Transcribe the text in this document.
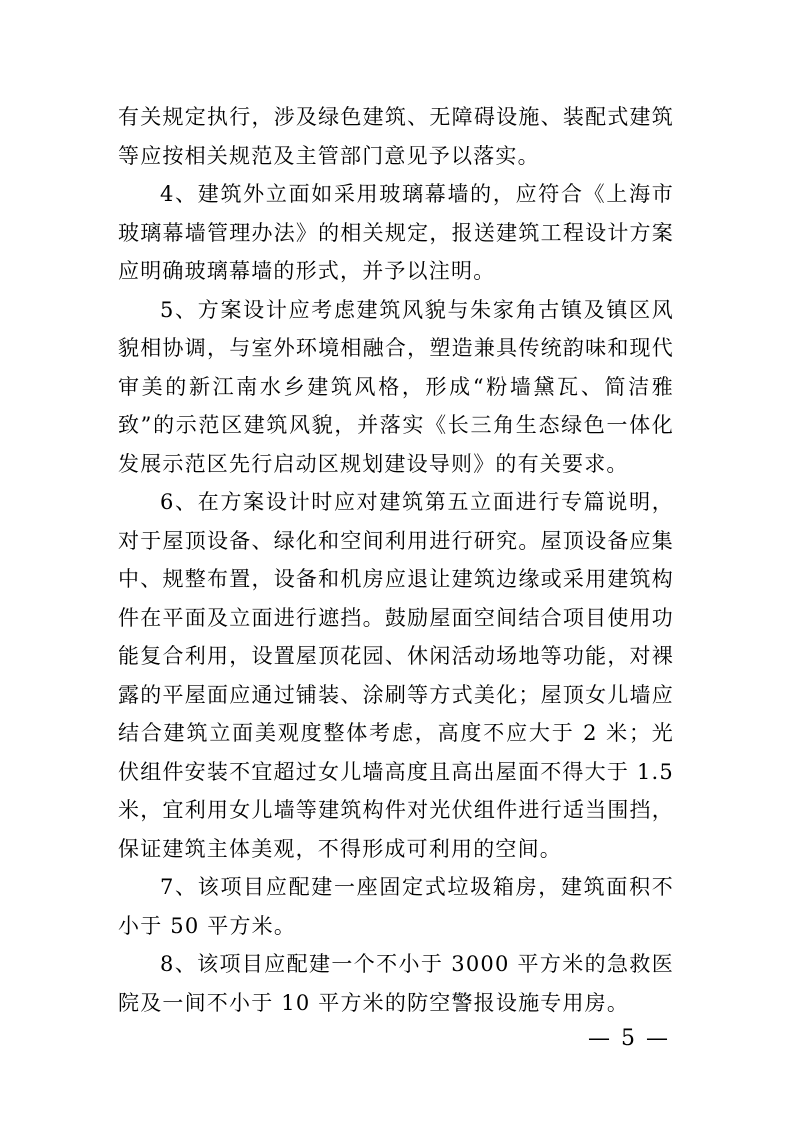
有关规定执行，涉及绿色建筑、无障碍设施、装配式建筑等应按相关规范及主管部门意见予以落实。

4、建筑外立面如采用玻璃幕墙的，应符合《上海市玻璃幕墙管理办法》的相关规定，报送建筑工程设计方案应明确玻璃幕墙的形式，并予以注明。

5、方案设计应考虑建筑风貌与朱家角古镇及镇区风貌相协调，与室外环境相融合，塑造兼具传统韵味和现代审美的新江南水乡建筑风格，形成“粉墙黛瓦、简洁雅致”的示范区建筑风貌，并落实《长三角生态绿色一体化发展示范区先行启动区规划建设导则》的有关要求。

6、在方案设计时应对建筑第五立面进行专篇说明，对于屋顶设备、绿化和空间利用进行研究。屋顶设备应集中、规整布置，设备和机房应退让建筑边缘或采用建筑构件在平面及立面进行遮挡。鼓励屋面空间结合项目使用功能复合利用，设置屋顶花园、休闲活动场地等功能，对裸露的平屋面应通过铺装、涂刷等方式美化；屋顶女儿墙应结合建筑立面美观度整体考虑，高度不应大于 2 米；光伏组件安装不宜超过女儿墙高度且高出屋面不得大于 1.5 米，宜利用女儿墙等建筑构件对光伏组件进行适当围挡，保证建筑主体美观，不得形成可利用的空间。

7、该项目应配建一座固定式垃圾箱房，建筑面积不小于 50 平方米。

8、该项目应配建一个不小于 3000 平方米的急救医院及一间不小于 10 平方米的防空警报设施专用房。

— 5 —
